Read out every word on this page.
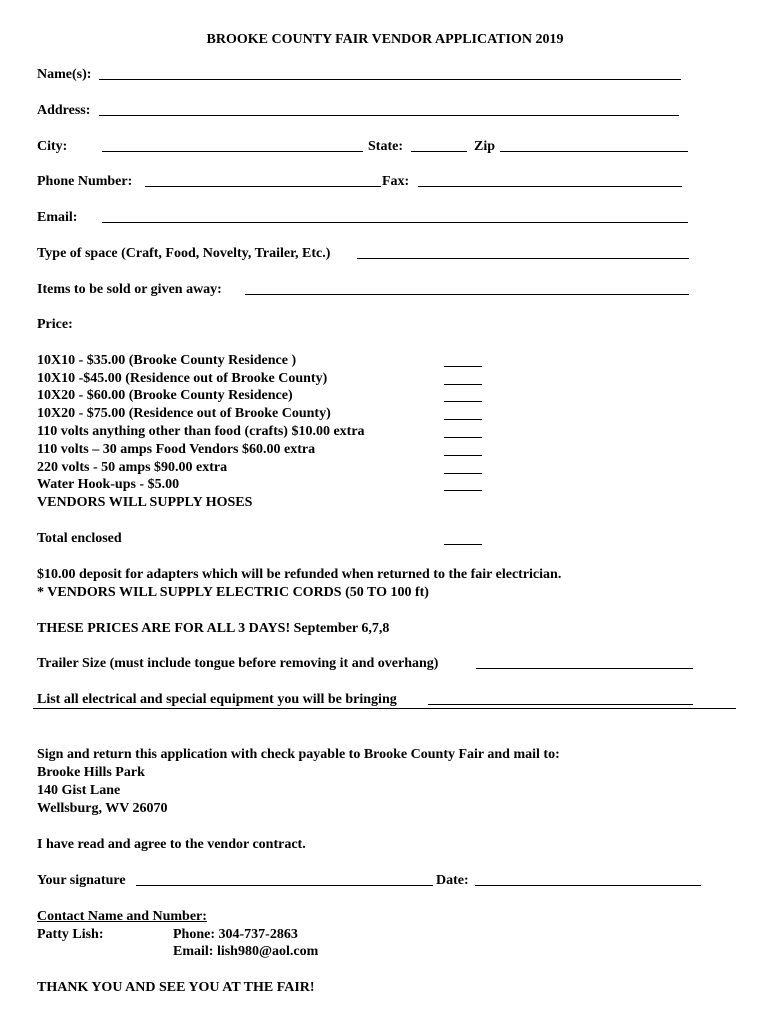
BROOKE COUNTY FAIR VENDOR APPLICATION 2019
Name(s):
Address:
City:	State:	Zip
Phone Number:	Fax:
Email:
Type of space (Craft, Food, Novelty, Trailer, Etc.)
Items to be sold or given away:
Price:
10X10 - $35.00 (Brooke County Residence )
10X10 -$45.00 (Residence out of Brooke County)
10X20 - $60.00 (Brooke County Residence)
10X20 - $75.00 (Residence out of Brooke County)
110 volts anything other than food (crafts) $10.00 extra
110 volts – 30 amps Food Vendors $60.00 extra
220 volts - 50 amps $90.00 extra
Water Hook-ups - $5.00
VENDORS WILL SUPPLY HOSES
Total enclosed
$10.00 deposit for adapters which will be refunded when returned to the fair electrician.
* VENDORS WILL SUPPLY ELECTRIC CORDS (50 TO 100 ft)
THESE PRICES ARE FOR ALL 3 DAYS! September 6,7,8
Trailer Size (must include tongue before removing it and overhang)
List all electrical and special equipment you will be bringing
Sign and return this application with check payable to Brooke County Fair and mail to:
Brooke Hills Park
140 Gist Lane
Wellsburg, WV 26070
I have read and agree to the vendor contract.
Your signature	Date:
Contact Name and Number:
Patty Lish:	Phone: 304-737-2863
Email: lish980@aol.com
THANK YOU AND SEE YOU AT THE FAIR!
